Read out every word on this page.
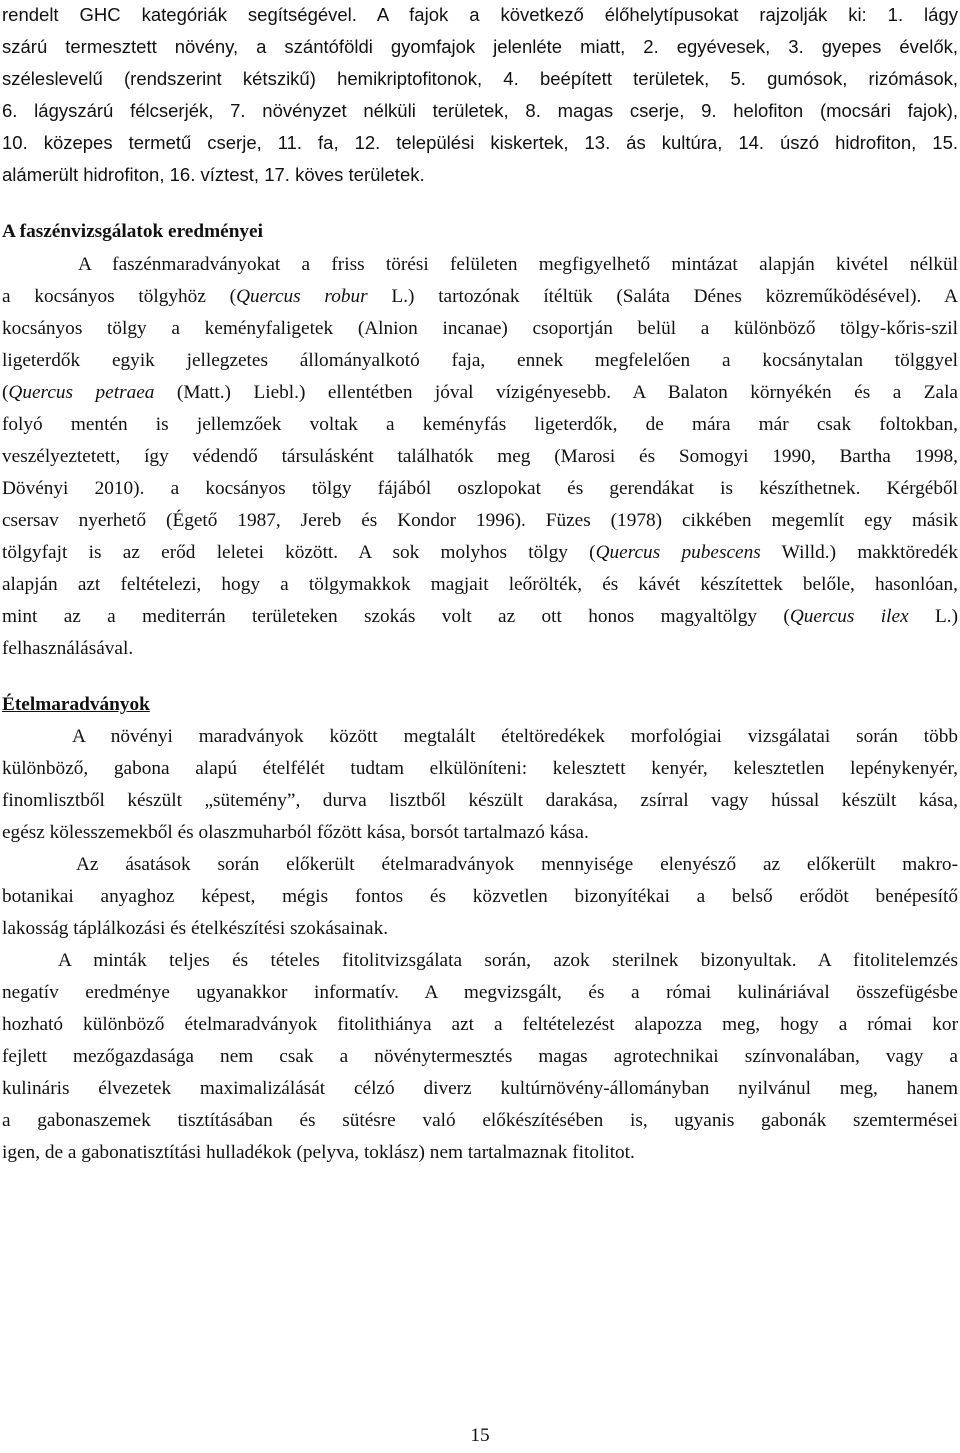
rendelt GHC kategóriák segítségével. A fajok a következő élőhelytípusokat rajzolják ki: 1. lágy
szárú termesztett növény, a szántóföldi gyomfajok jelenléte miatt, 2. egyévesek, 3. gyepes évelők,
széleslevelű (rendszerint kétszikű) hemikriptofitonok, 4. beépített területek, 5. gumósok, rizómások,
6. lágyszárú félcserjék, 7. növényzet nélküli területek, 8. magas cserje, 9. helofiton (mocsári fajok),
10. közepes termetű cserje, 11. fa, 12. települési kiskertek, 13. ás kultúra, 14. úszó hidrofiton, 15.
alámerült hidrofiton, 16. víztest, 17. köves területek.
A faszénvizsgálatok eredményei
A faszénmaradványokat a friss törési felületen megfigyelhető mintázat alapján kivétel nélkül
a kocsányos tölgyhöz (Quercus robur L.) tartozónak ítéltük (Saláta Dénes közreműködésével). A
kocsányos tölgy a keményfaligetek (Alnion incanae) csoportján belül a különböző tölgy-kőris-szil
ligeterdők egyik jellegzetes állományalkotó faja, ennek megfelelően a kocsánytalan tölggyel
(Quercus petraea (Matt.) Liebl.) ellentétben jóval vízigényesebb. A Balaton környékén és a Zala
folyó mentén is jellemzőek voltak a keményfás ligeterdők, de mára már csak foltokban,
veszélyeztetett, így védendő társulásként találhatók meg (Marosi és Somogyi 1990, Bartha 1998,
Dövényi 2010). a kocsányos tölgy fájából oszlopokat és gerendákat is készíthetnek. Kérgéből
csersav nyerhető (Égető 1987, Jereb és Kondor 1996). Füzes (1978) cikkében megemlít egy másik
tölgyfajt is az erőd leletei között. A sok molyhos tölgy (Quercus pubescens Willd.) makktöredék
alapján azt feltételezi, hogy a tölgymakkok magjait leőrölték, és kávét készítettek belőle, hasonlóan,
mint az a mediterrán területeken szokás volt az ott honos magyaltölgy (Quercus ilex L.)
felhasználásával.
Ételmaradványok
A növényi maradványok között megtalált ételtöredékek morfológiai vizsgálatai során több
különböző, gabona alapú ételfélét tudtam elkülöníteni: kelesztett kenyér, kelesztetlen lepénykenyér,
finomlisztből készült „sütemény”, durva lisztből készült darakása, zsírral vagy hússal készült kása,
egész kölesszemekből és olaszmuharból főzött kása, borsót tartalmazó kása.
Az ásatások során előkerült ételmaradványok mennyisége elenyésző az előkerült makro-
botanikai anyaghoz képest, mégis fontos és közvetlen bizonyítékai a belső erődöt benépesítő
lakosság táplálkozási és ételkészítési szokásainak.
A minták teljes és tételes fitolitvizsgálata során, azok sterilnek bizonyultak. A fitolitelemzés
negatív eredménye ugyanakkor informatív. A megvizsgált, és a római kulináriával összefügésbe
hozható különböző ételmaradványok fitolithiánya azt a feltételezést alapozza meg, hogy a római kor
fejlett mezőgazdasága nem csak a növénytermesztés magas agrotechnikai színvonalában, vagy a
kulináris élvezetek maximalizálását célzó diverz kultúrnövény-állományban nyilvánul meg, hanem
a gabonaszemek tisztításában és sütésre való előkészítésében is, ugyanis gabonák szemtermései
igen, de a gabonatisztítási hulladékok (pelyva, toklász) nem tartalmaznak fitolitot.
15
